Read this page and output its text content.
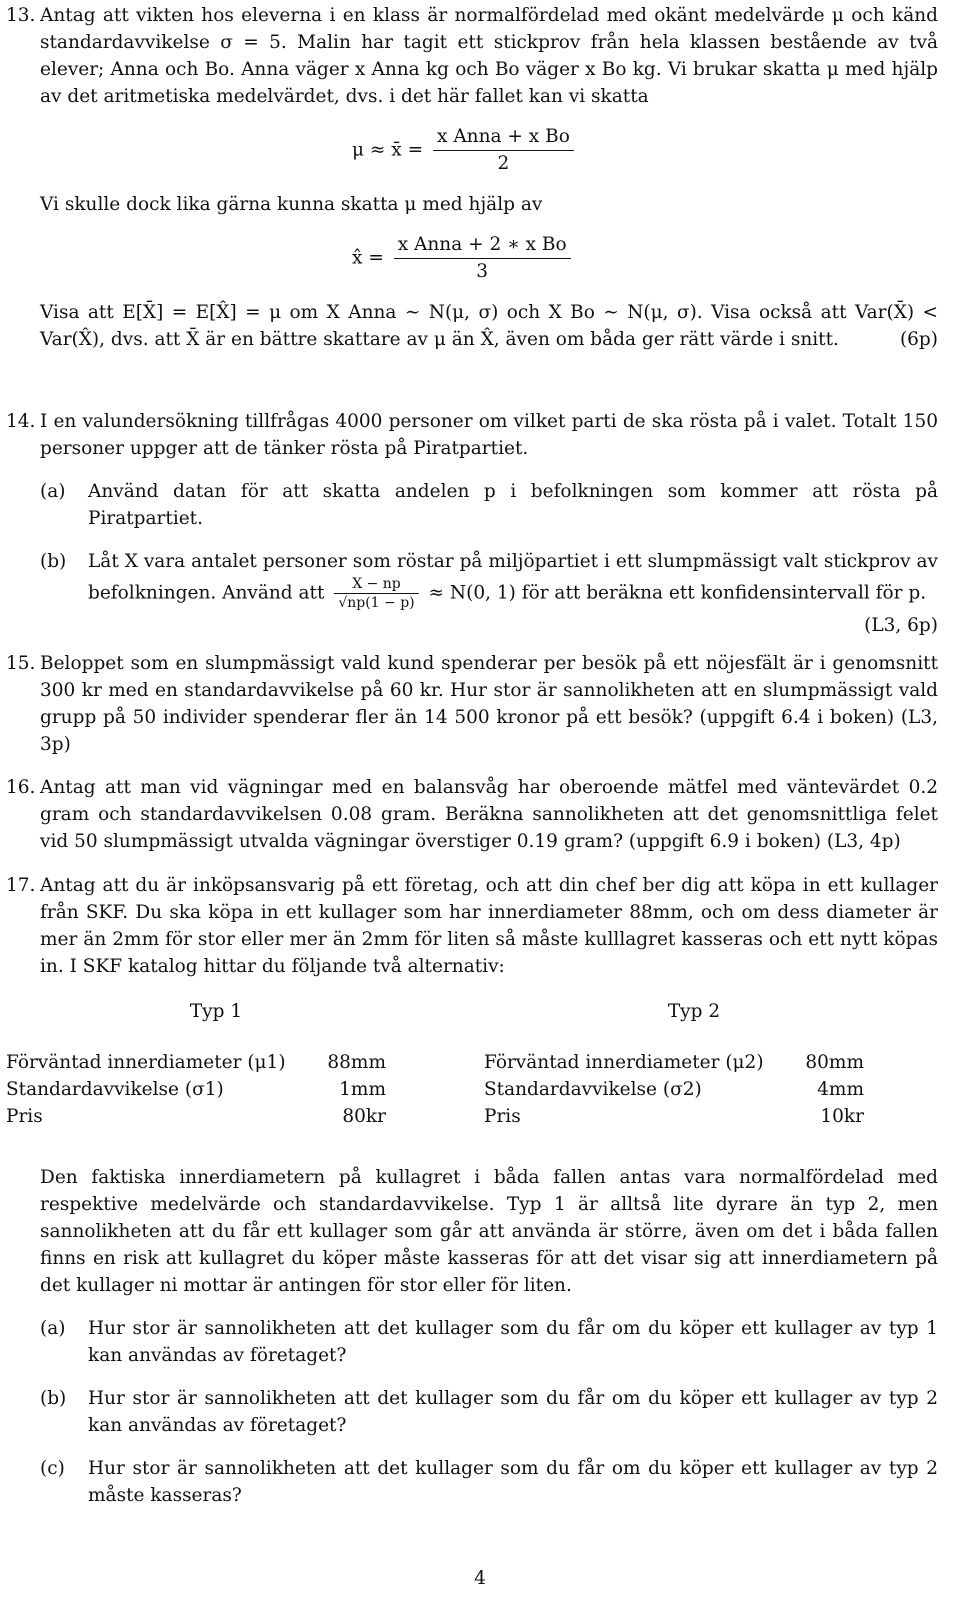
13. Antag att vikten hos eleverna i en klass är normalfördelad med okänt medelvärde μ och känd standardavvikelse σ = 5. Malin har tagit ett stickprov från hela klassen bestående av två elever; Anna och Bo. Anna väger x Anna kg och Bo väger x Bo kg. Vi brukar skatta μ med hjälp av det aritmetiska medelvärdet, dvs. i det här fallet kan vi skatta

μ ≈ x̄ = $\frac{\text{x Anna + x Bo}}{2}$

Vi skulle dock lika gärna kunna skatta μ med hjälp av

x̂ = $\frac{\text{x Anna + 2 ∗ x Bo}}{3}$

Visa att E[X̄] = E[X̂] = μ om X Anna ∼ N(μ, σ) och X Bo ∼ N(μ, σ). Visa också att Var(X̄) < Var(X̂), dvs. att X̄ är en bättre skattare av μ än X̂, även om båda ger rätt värde i snitt.	(6p)

14. I en valundersökning tillfrågas 4000 personer om vilket parti de ska rösta på i valet. Totalt 150 personer uppger att de tänker rösta på Piratpartiet.

(a) Använd datan för att skatta andelen p i befolkningen som kommer att rösta på Piratpartiet.
(b) Låt X vara antalet personer som röstar på miljöpartiet i ett slumpmässigt valt stickprov av befolkningen. Använd att $\frac{X - np}{√np(1 - p)} \approx N(0$, 1) för att beräkna ett konfidensintervall för p.
(L3, 6p)
15. Beloppet som en slumpmässigt vald kund spenderar per besök på ett nöjesfält är i genomsnitt 300 kr med en standardavvikelse på 60 kr. Hur stor är sannolikheten att en slumpmässigt vald grupp på 50 individer spenderar fler än 14 500 kronor på ett besök? (uppgift 6.4 i boken) (L3, 3p)

16. Antag att man vid vägningar med en balansvåg har oberoende mätfel med väntevärdet 0.2 gram och standardavvikelsen 0.08 gram. Beräkna sannolikheten att det genomsnittliga felet vid 50 slumpmässigt utvalda vägningar överstiger 0.19 gram? (uppgift 6.9 i boken) (L3, 4p)

17. Antag att du är inköpsansvarig på ett företag, och att din chef ber dig att köpa in ett kullager från SKF. Du ska köpa in ett kullager som har innerdiameter 88mm, och om dess diameter är mer än 2mm för stor eller mer än 2mm för liten så måste kulllagret kasseras och ett nytt köpas in. I SKF katalog hittar du följande två alternativ:

Typ 1
Förväntad innerdiameter (μ1) 88mm
Standardavvikelse (σ1)	1mm
Pris	80kr
Typ 2
Förväntad innerdiameter (μ2) 80mm
Standardavvikelse (σ2)	4mm
Pris	10kr

Den faktiska innerdiametern på kullagret i båda fallen antas vara normalfördelad med respektive medelvärde och standardavvikelse. Typ 1 är alltså lite dyrare än typ 2, men sannolikheten att du får ett kullager som går att använda är större, även om det i båda fallen finns en risk att kullagret du köper måste kasseras för att det visar sig att innerdiametern på det kullager ni mottar är antingen för stor eller för liten.

(a) Hur stor är sannolikheten att det kullager som du får om du köper ett kullager av typ 1 kan användas av företaget?
(b) Hur stor är sannolikheten att det kullager som du får om du köper ett kullager av typ 2 kan användas av företaget?
(c) Hur stor är sannolikheten att det kullager som du får om du köper ett kullager av typ 2 måste kasseras?
4
